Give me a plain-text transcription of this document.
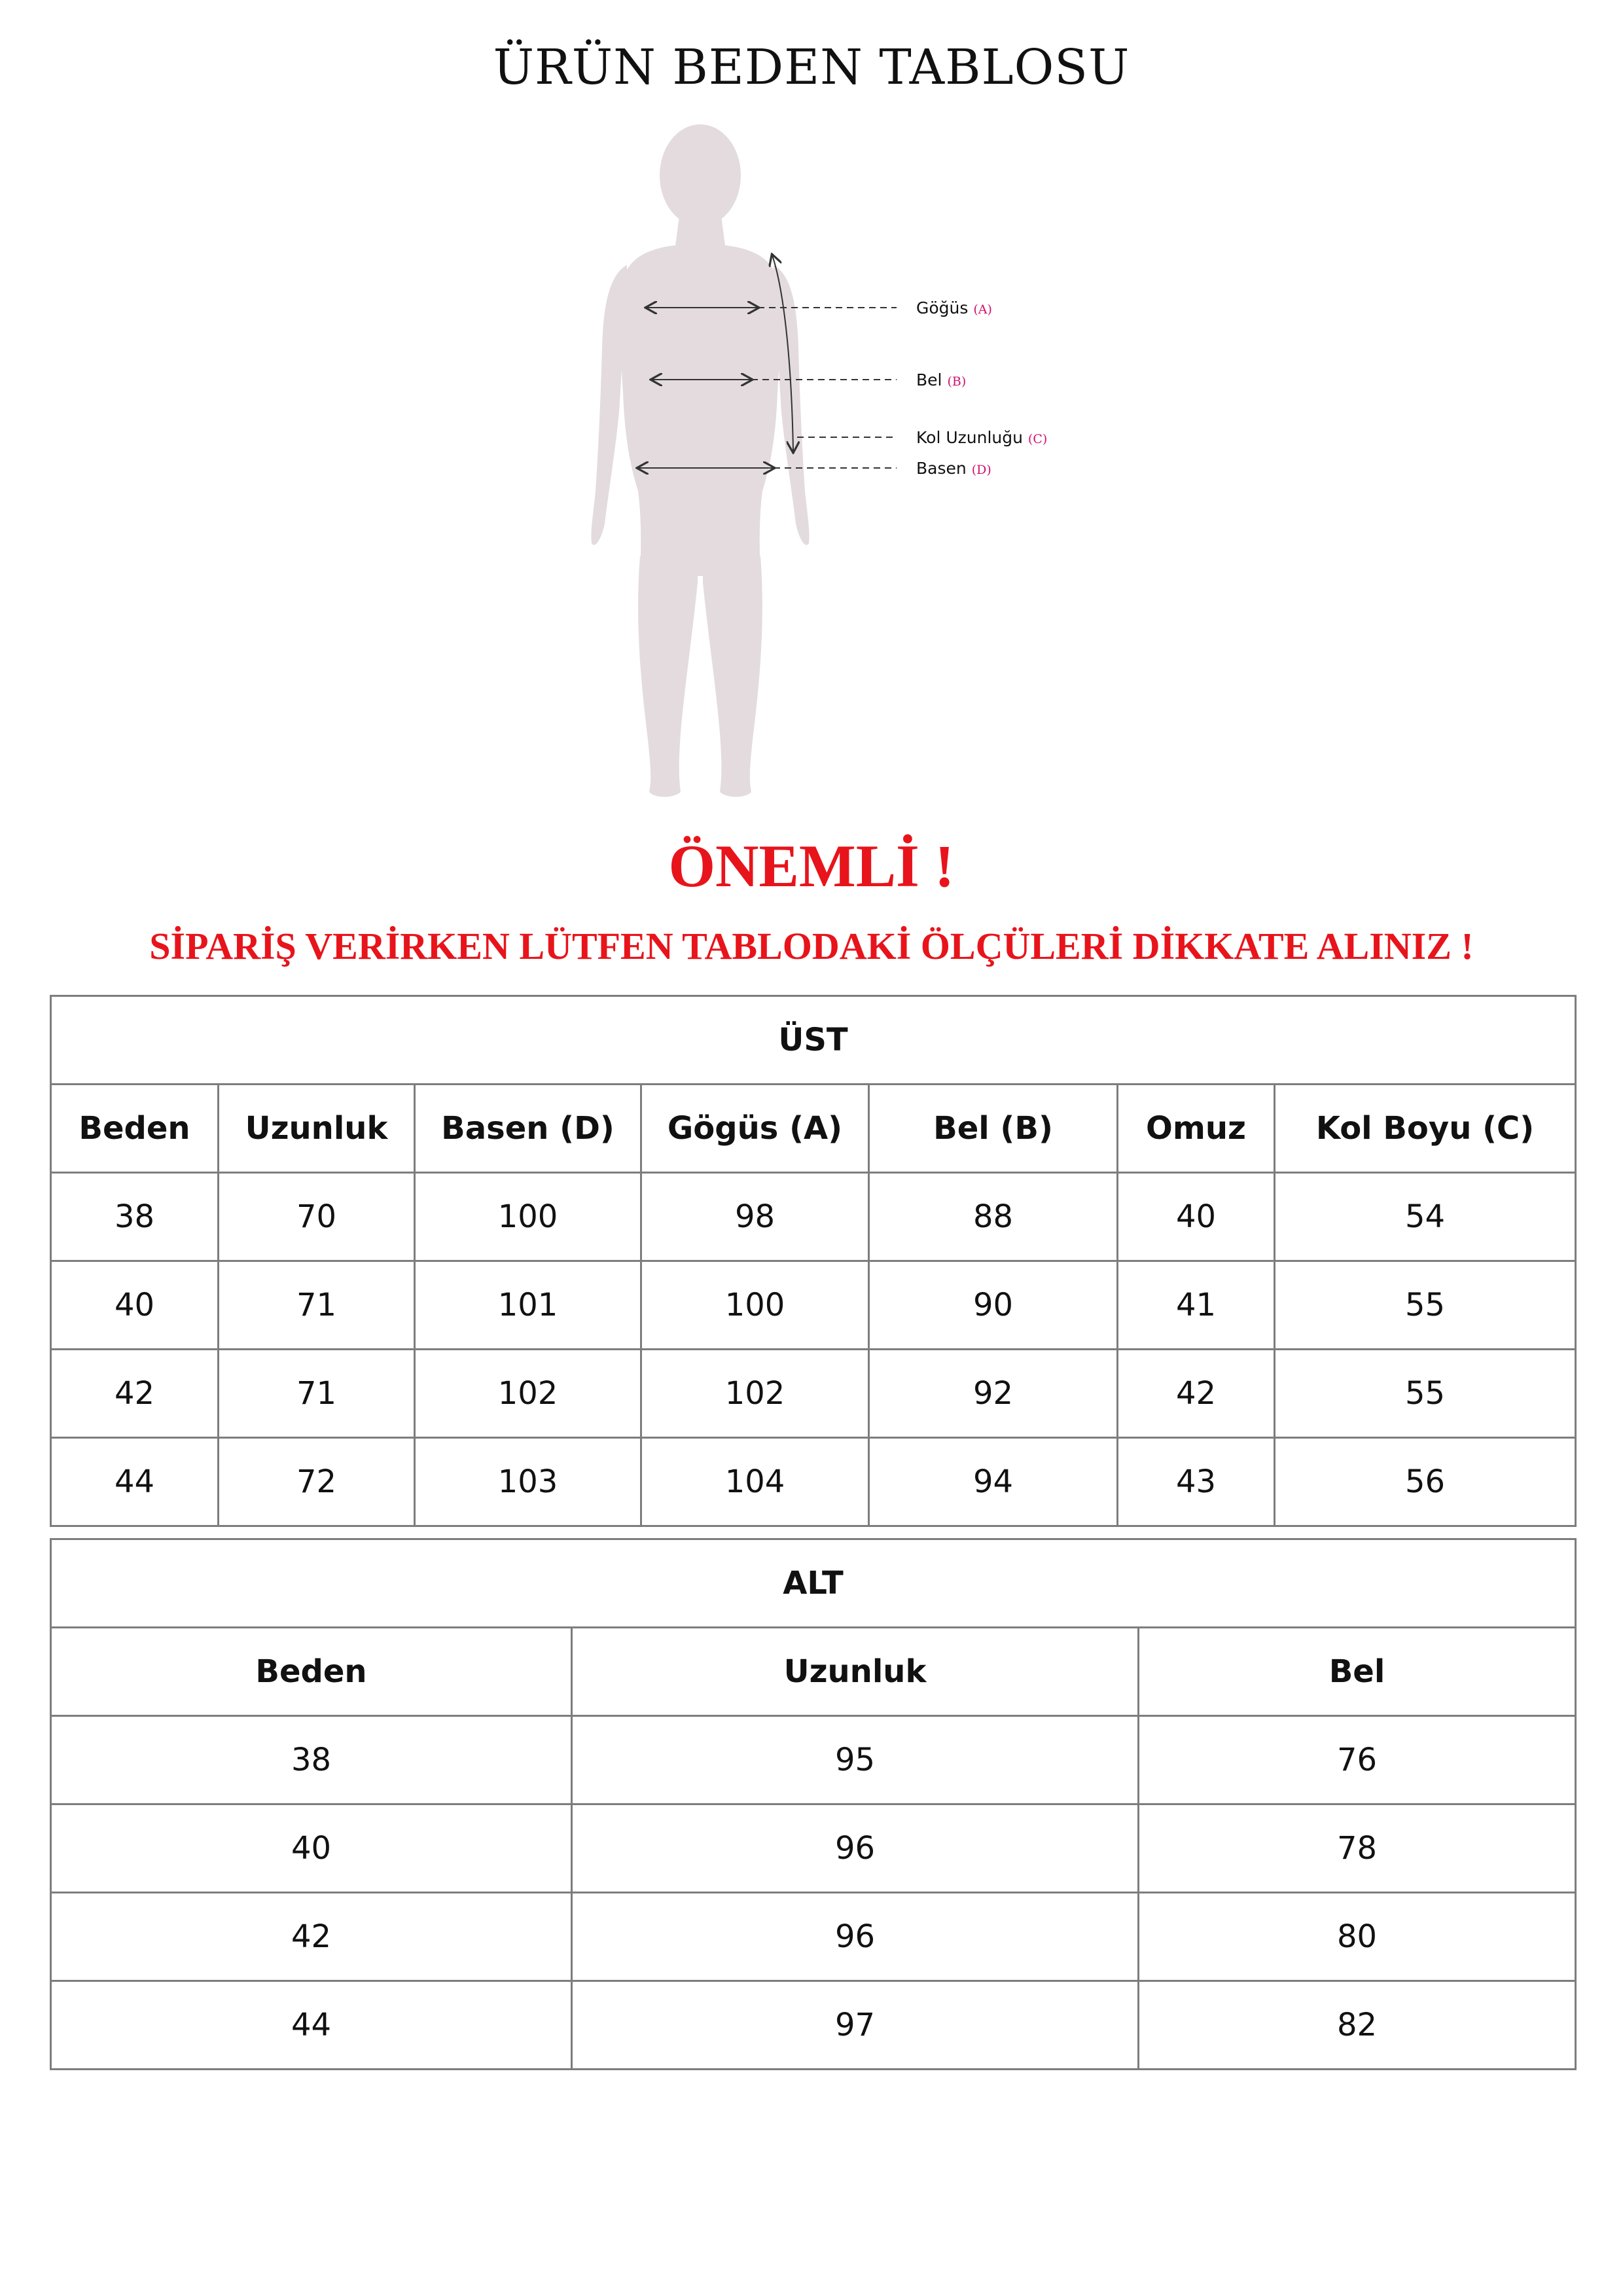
ÜRÜN BEDEN TABLOSU
Göğüs (A)
Bel (B)
Kol Uzunluğu (C)
Basen (D)
ÖNEMLİ !
SİPARİŞ VERİRKEN LÜTFEN TABLODAKİ ÖLÇÜLERİ DİKKATE ALINIZ !
ÜST						
Beden	Uzunluk	Basen (D)	Gögüs (A)	Bel (B)	Omuz	Kol Boyu (C)
38	70	100	98	88	40	54
40	71	101	100	90	41	55
42	71	102	102	92	42	55
44	72	103	104	94	43	56
ALT		
Beden	Uzunluk	Bel
38	95	76
40	96	78
42	96	80
44	97	82
